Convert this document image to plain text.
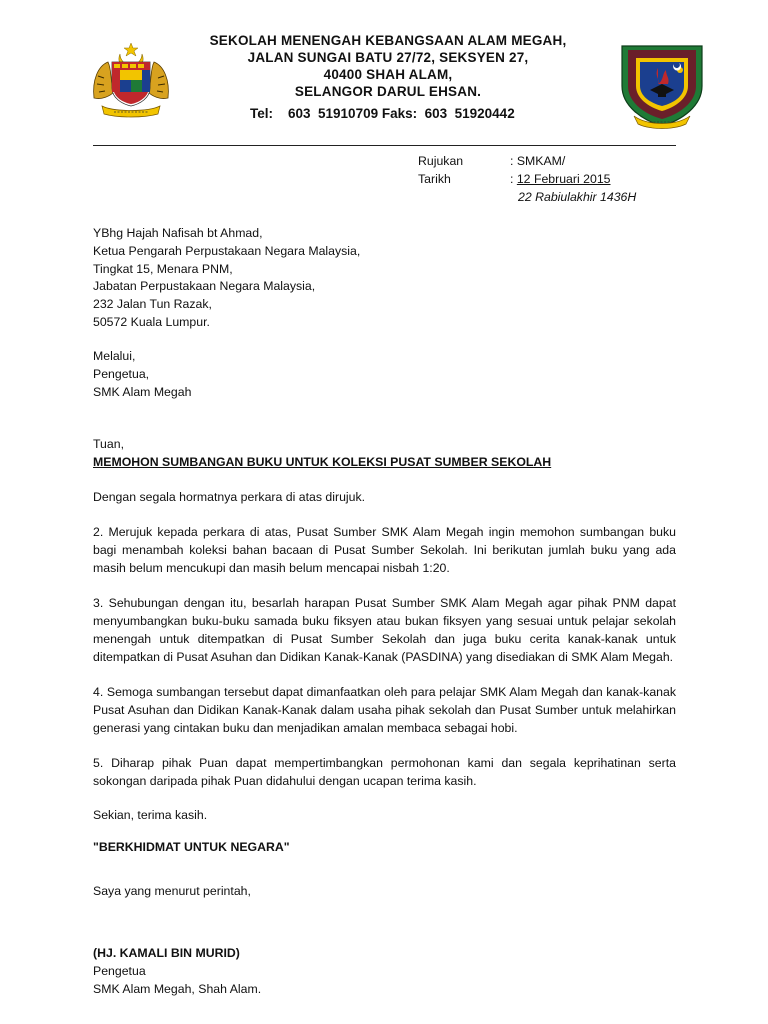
SEKOLAH MENENGAH KEBANGSAAN ALAM MEGAH,
JALAN SUNGAI BATU 27/72, SEKSYEN 27,
40400 SHAH ALAM,
SELANGOR DARUL EHSAN.
Tel:    603  51910709 Faks:  603  51920442
Rujukan	: SMKAM/
Tarikh	: 12 Februari 2015
22 Rabiulakhir 1436H
YBhg Hajah Nafisah bt Ahmad,
Ketua Pengarah Perpustakaan Negara Malaysia,
Tingkat 15, Menara PNM,
Jabatan Perpustakaan Negara Malaysia,
232 Jalan Tun Razak,
50572 Kuala Lumpur.
Melalui,
Pengetua,
SMK Alam Megah
Tuan,
MEMOHON SUMBANGAN BUKU UNTUK KOLEKSI PUSAT SUMBER SEKOLAH
Dengan segala hormatnya perkara di atas dirujuk.
2. Merujuk kepada perkara di atas, Pusat Sumber SMK Alam Megah ingin memohon sumbangan buku bagi menambah koleksi bahan bacaan di Pusat Sumber Sekolah. Ini berikutan jumlah buku yang ada masih belum mencukupi dan masih belum mencapai nisbah 1:20.
3. Sehubungan dengan itu, besarlah harapan Pusat Sumber SMK Alam Megah agar pihak PNM dapat menyumbangkan buku-buku samada buku fiksyen atau bukan fiksyen yang sesuai untuk pelajar sekolah menengah untuk ditempatkan di Pusat Sumber Sekolah dan juga buku cerita kanak-kanak untuk ditempatkan di Pusat Asuhan dan Didikan Kanak-Kanak (PASDINA) yang disediakan di SMK Alam Megah.
4. Semoga sumbangan tersebut dapat dimanfaatkan oleh para pelajar SMK Alam Megah dan kanak-kanak Pusat Asuhan dan Didikan Kanak-Kanak dalam usaha pihak sekolah dan Pusat Sumber untuk melahirkan generasi yang cintakan buku dan menjadikan amalan membaca sebagai hobi.
5. Diharap pihak Puan dapat mempertimbangkan permohonan kami dan segala keprihatinan serta sokongan daripada pihak Puan didahului dengan ucapan terima kasih.
Sekian, terima kasih.
"BERKHIDMAT UNTUK NEGARA"
Saya yang menurut perintah,
(HJ. KAMALI BIN MURID)
Pengetua
SMK Alam Megah, Shah Alam.
